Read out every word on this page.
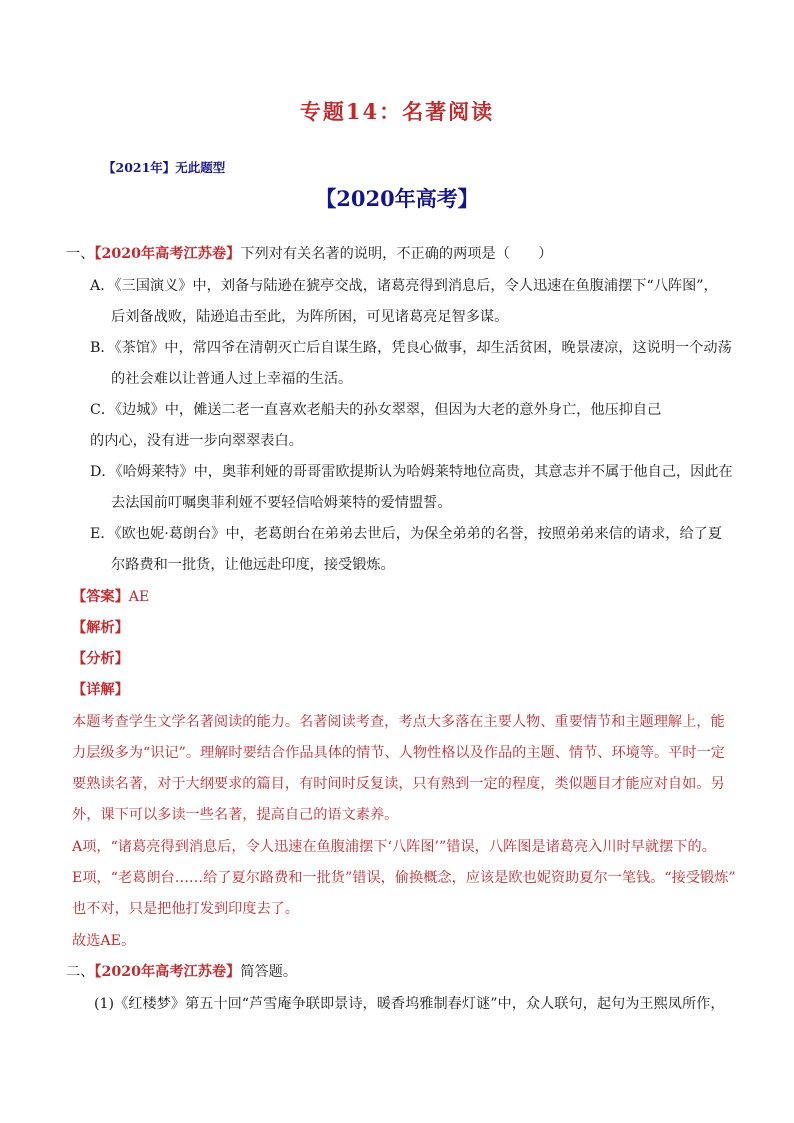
专题14：名著阅读
【2021年】无此题型
【2020年高考】
一、【2020年高考江苏卷】下列对有关名著的说明，不正确的两项是（　　）
A．《三国演义》中，刘备与陆逊在猇亭交战，诸葛亮得到消息后，令人迅速在鱼腹浦摆下“八阵图”，
后刘备战败，陆逊追击至此，为阵所困，可见诸葛亮足智多谋。
B．《茶馆》中，常四爷在清朝灭亡后自谋生路，凭良心做事，却生活贫困，晚景凄凉，这说明一个动荡
的社会难以让普通人过上幸福的生活。
C．《边城》中，傩送二老一直喜欢老船夫的孙女翠翠，但因为大老的意外身亡，他压抑自己
的内心，没有进一步向翠翠表白。
D．《哈姆莱特》中，奥菲利娅的哥哥雷欧提斯认为哈姆莱特地位高贵，其意志并不属于他自己，因此在
去法国前叮嘱奥菲利娅不要轻信哈姆莱特的爱情盟誓。
E．《欧也妮·葛朗台》中，老葛朗台在弟弟去世后，为保全弟弟的名誉，按照弟弟来信的请求，给了夏
尔路费和一批货，让他远赴印度，接受锻炼。
【答案】AE
【解析】
【分析】
【详解】
本题考查学生文学名著阅读的能力。名著阅读考查，考点大多落在主要人物、重要情节和主题理解上，能
力层级多为“识记”。理解时要结合作品具体的情节、人物性格以及作品的主题、情节、环境等。平时一定
要熟读名著，对于大纲要求的篇目，有时间时反复读，只有熟到一定的程度，类似题目才能应对自如。另
外，课下可以多读一些名著，提高自己的语文素养。
A项，“诸葛亮得到消息后，令人迅速在鱼腹浦摆下‘八阵图’”错误，八阵图是诸葛亮入川时早就摆下的。
E项，“老葛朗台……给了夏尔路费和一批货”错误，偷换概念，应该是欧也妮资助夏尔一笔钱。“接受锻炼”
也不对，只是把他打发到印度去了。
故选AE。
二、【2020年高考江苏卷】简答题。
(1)《红楼梦》第五十回“芦雪庵争联即景诗，暖香坞雅制春灯谜”中，众人联句，起句为王熙凤所作，
